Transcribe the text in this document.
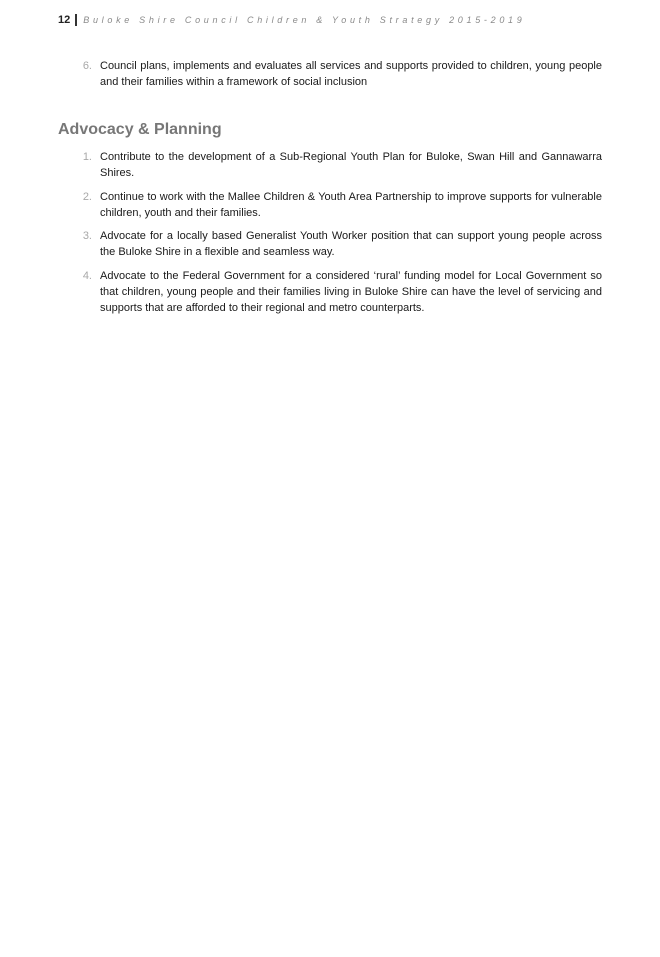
12 Buloke Shire Council Children & Youth Strategy 2015-2019
6. Council plans, implements and evaluates all services and supports provided to children, young people and their families within a framework of social inclusion
Advocacy & Planning
1. Contribute to the development of a Sub-Regional Youth Plan for Buloke, Swan Hill and Gannawarra Shires.
2. Continue to work with the Mallee Children & Youth Area Partnership to improve supports for vulnerable children, youth and their families.
3. Advocate for a locally based Generalist Youth Worker position that can support young people across the Buloke Shire in a flexible and seamless way.
4. Advocate to the Federal Government for a considered ‘rural’ funding model for Local Government so that children, young people and their families living in Buloke Shire can have the level of servicing and supports that are afforded to their regional and metro counterparts.
